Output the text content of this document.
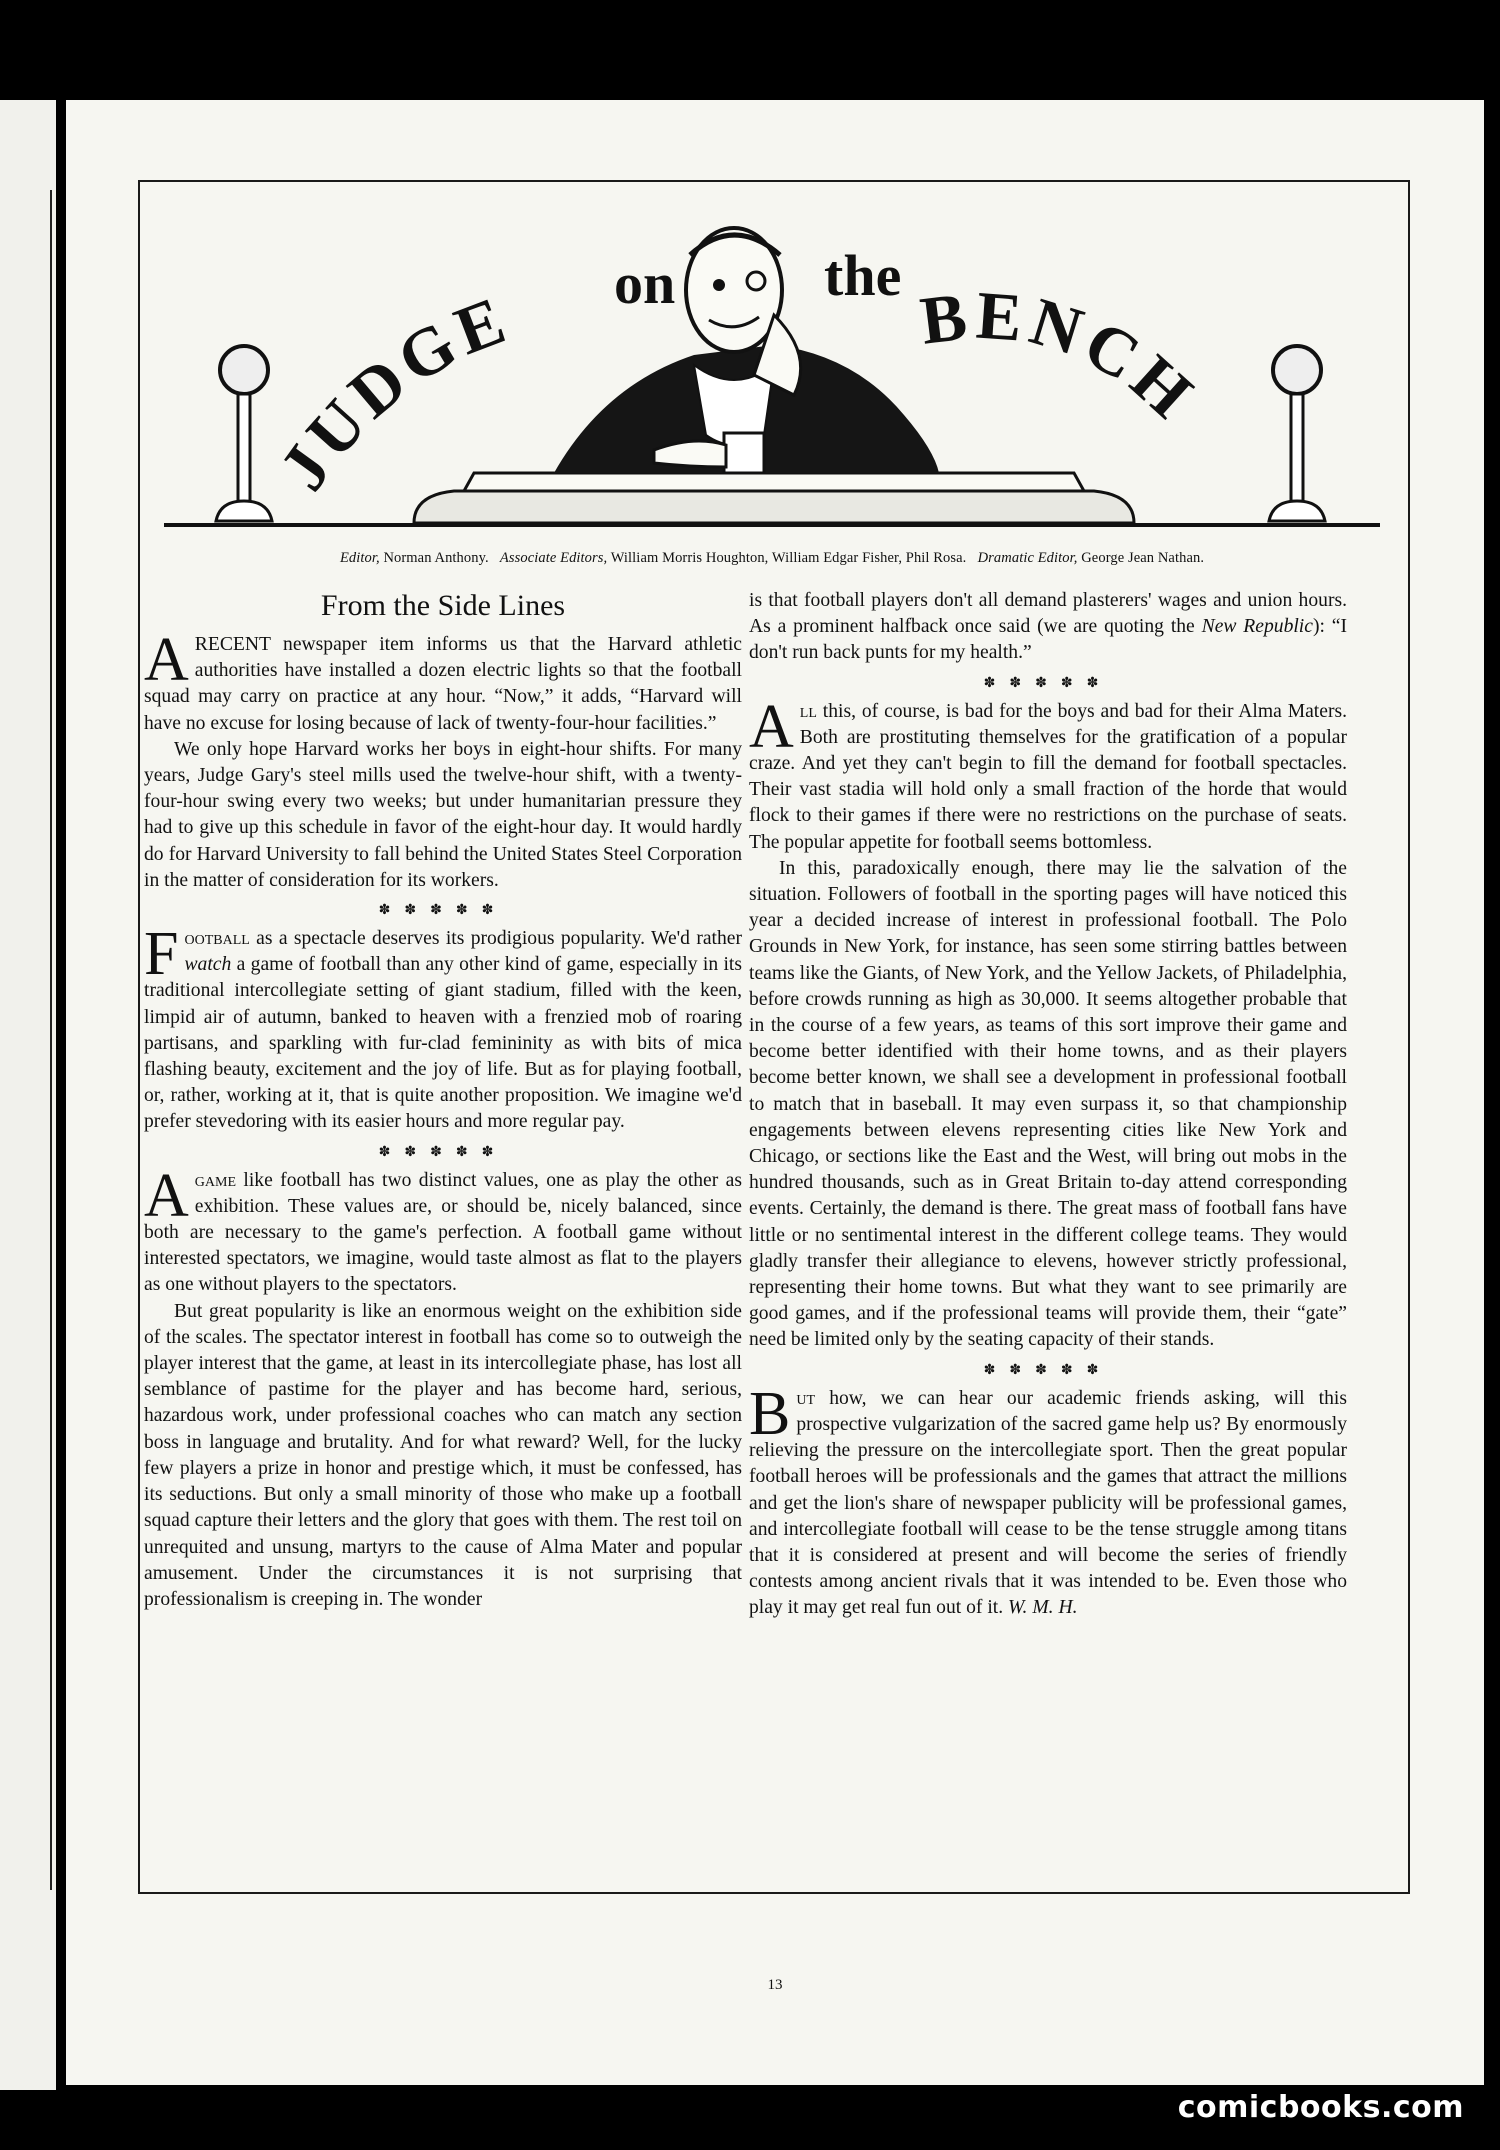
JUDGE on	the
BENCH
Editor, Norman Anthony. Associate Editors, William Morris Houghton, William Edgar Fisher, Phil Rosa. Dramatic Editor, George Jean Nathan.
From the Side Lines

ARECENT newspaper item informs us that the Harvard athletic authorities have installed a dozen electric lights so that the football squad may carry on practice at any hour. “Now,” it adds, “Harvard will have no excuse for losing because of lack of twenty-four-hour facilities.”

We only hope Harvard works her boys in eight-hour shifts. For many years, Judge Gary's steel mills used the twelve-hour shift, with a twenty-four-hour swing every two weeks; but under humanitarian pressure they had to give up this schedule in favor of the eight-hour day. It would hardly do for Harvard University to fall behind the United States Steel Corporation in the matter of consideration for its workers.

✽✽✽✽✽

Football as a spectacle deserves its prodigious popularity. We'd rather watch a game of football than any other kind of game, especially in its traditional intercollegiate setting of giant stadium, filled with the keen, limpid air of autumn, banked to heaven with a frenzied mob of roaring partisans, and sparkling with fur-clad femininity as with bits of mica flashing beauty, excitement and the joy of life. But as for playing football, or, rather, working at it, that is quite another proposition. We imagine we'd prefer stevedoring with its easier hours and more regular pay.

✽✽✽✽✽

Agame like football has two distinct values, one as play the other as exhibition. These values are, or should be, nicely balanced, since both are necessary to the game's perfection. A football game without interested spectators, we imagine, would taste almost as flat to the players as one without players to the spectators.

But great popularity is like an enormous weight on the exhibition side of the scales. The spectator interest in football has come so to outweigh the player interest that the game, at least in its intercollegiate phase, has lost all semblance of pastime for the player and has become hard, serious, hazardous work, under professional coaches who can match any section boss in language and brutality. And for what reward? Well, for the lucky few players a prize in honor and prestige which, it must be confessed, has its seductions. But only a small minority of those who make up a football squad capture their letters and the glory that goes with them. The rest toil on unrequited and unsung, martyrs to the cause of Alma Mater and popular amusement. Under the circumstances it is not surprising that professionalism is creeping in. The wonder

is that football players don't all demand plasterers' wages and union hours. As a prominent halfback once said (we are quoting the New Republic): “I don't run back punts for my health.”

✽✽✽✽✽

All this, of course, is bad for the boys and bad for their Alma Maters. Both are prostituting themselves for the gratification of a popular craze. And yet they can't begin to fill the demand for football spectacles. Their vast stadia will hold only a small fraction of the horde that would flock to their games if there were no restrictions on the purchase of seats. The popular appetite for football seems bottomless.

In this, paradoxically enough, there may lie the salvation of the situation. Followers of football in the sporting pages will have noticed this year a decided increase of interest in professional football. The Polo Grounds in New York, for instance, has seen some stirring battles between teams like the Giants, of New York, and the Yellow Jackets, of Philadelphia, before crowds running as high as 30,000. It seems altogether probable that in the course of a few years, as teams of this sort improve their game and become better identified with their home towns, and as their players become better known, we shall see a development in professional football to match that in baseball. It may even surpass it, so that championship engagements between elevens representing cities like New York and Chicago, or sections like the East and the West, will bring out mobs in the hundred thousands, such as in Great Britain to-day attend corresponding events. Certainly, the demand is there. The great mass of football fans have little or no sentimental interest in the different college teams. They would gladly transfer their allegiance to elevens, however strictly professional, representing their home towns. But what they want to see primarily are good games, and if the professional teams will provide them, their “gate” need be limited only by the seating capacity of their stands.

✽✽✽✽✽

But how, we can hear our academic friends asking, will this prospective vulgarization of the sacred game help us? By enormously relieving the pressure on the intercollegiate sport. Then the great popular football heroes will be professionals and the games that attract the millions and get the lion's share of newspaper publicity will be professional games, and intercollegiate football will cease to be the tense struggle among titans that it is considered at present and will become the series of friendly contests among ancient rivals that it was intended to be. Even those who play it may get real fun out of it. W. M. H.

13
comicbooks.com
